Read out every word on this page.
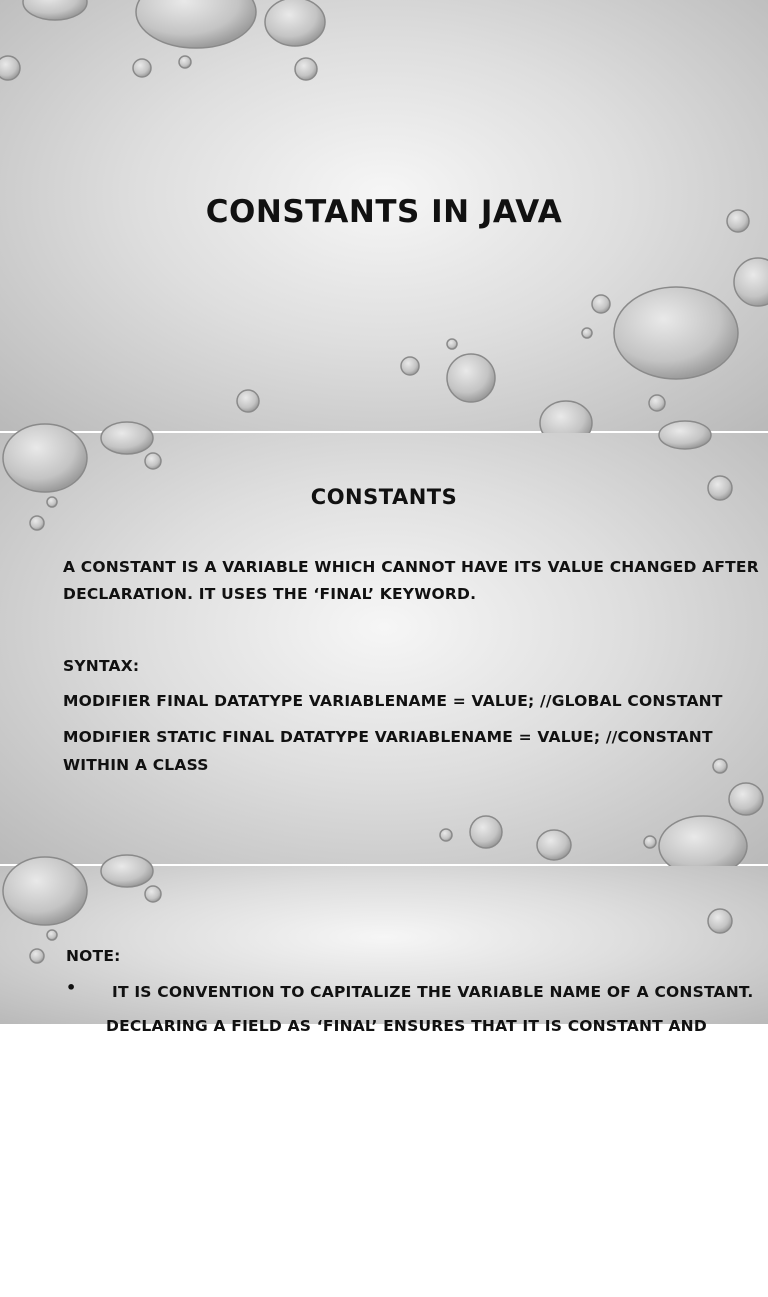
CONSTANTS IN JAVA
CONSTANTS
A CONSTANT IS A VARIABLE WHICH CANNOT HAVE ITS VALUE CHANGED AFTER
DECLARATION. IT USES THE ‘FINAL’ KEYWORD.
SYNTAX:
MODIFIER FINAL DATATYPE VARIABLENAME = VALUE; //GLOBAL CONSTANT
MODIFIER STATIC FINAL DATATYPE VARIABLENAME = VALUE; //CONSTANT
WITHIN A CLASS
NOTE:
• IT IS CONVENTION TO CAPITALIZE THE VARIABLE NAME OF A CONSTANT.
DECLARING A FIELD AS ‘FINAL’ ENSURES THAT IT IS CONSTANT AND
